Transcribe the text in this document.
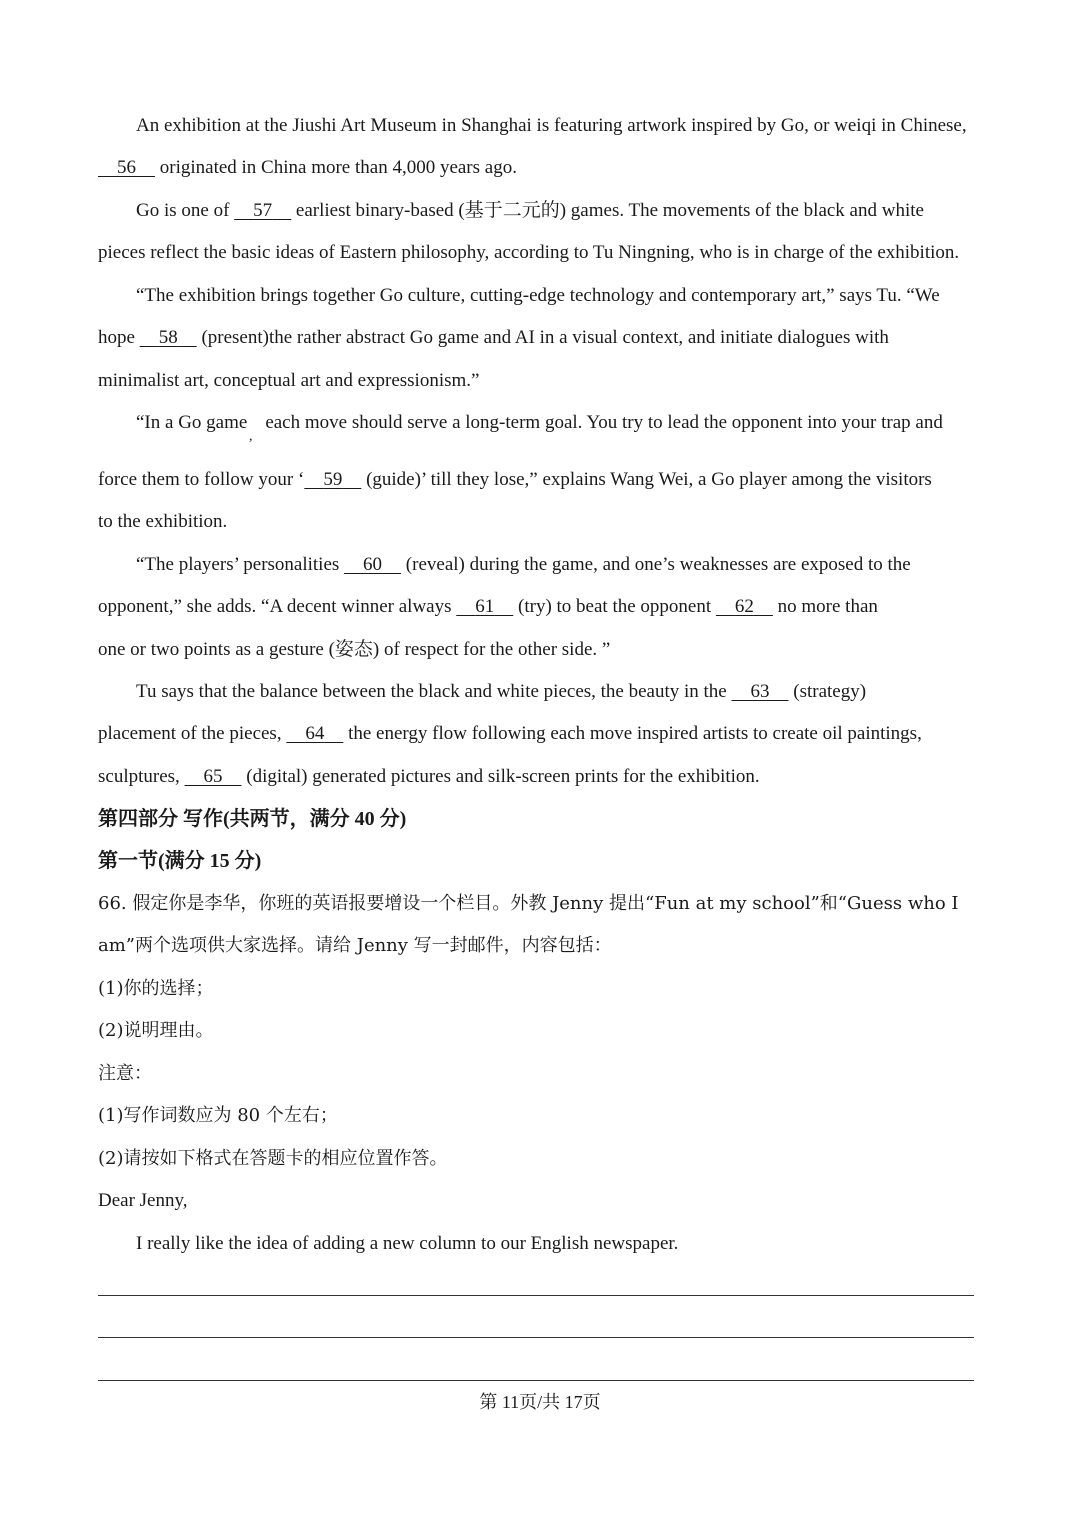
An exhibition at the Jiushi Art Museum in Shanghai is featuring artwork inspired by Go, or weiqi in Chinese,
56     originated in China more than 4,000 years ago.
Go is one of     57     earliest binary-based (基于二元的) games. The movements of the black and white
pieces reflect the basic ideas of Eastern philosophy, according to Tu Ningning, who is in charge of the exhibition.
“The exhibition brings together Go culture, cutting-edge technology and contemporary art,” says Tu. “We
hope     58     (present)the rather abstract Go game and AI in a visual context, and initiate dialogues with
minimalist art, conceptual art and expressionism.”
“In a Go game each move should serve a long-term goal. You try to lead the opponent into your trap and
,
force them to follow your ‘ 59     (guide)’ till they lose,” explains Wang Wei, a Go player among the visitors
to the exhibition.
“The players’ personalities     60     (reveal) during the game, and one’s weaknesses are exposed to the
opponent,” she adds. “A decent winner always     61     (try) to beat the opponent     62     no more than
one or two points as a gesture (姿态) of respect for the other side. ”
Tu says that the balance between the black and white pieces, the beauty in the     63     (strategy)
placement of the pieces,     64     the energy flow following each move inspired artists to create oil paintings,
sculptures,     65     (digital) generated pictures and silk-screen prints for the exhibition.
第四部分 写作(共两节，满分 40 分)
第一节(满分 15 分)
66. 假定你是李华，你班的英语报要增设一个栏目。外教 Jenny 提出“Fun at my school”和“Guess who I
am”两个选项供大家选择。请给 Jenny 写一封邮件，内容包括：
(1)你的选择；
(2)说明理由。
注意：
(1)写作词数应为 80 个左右；
(2)请按如下格式在答题卡的相应位置作答。
Dear Jenny,
I really like the idea of adding a new column to our English newspaper.
第 11页/共 17页
